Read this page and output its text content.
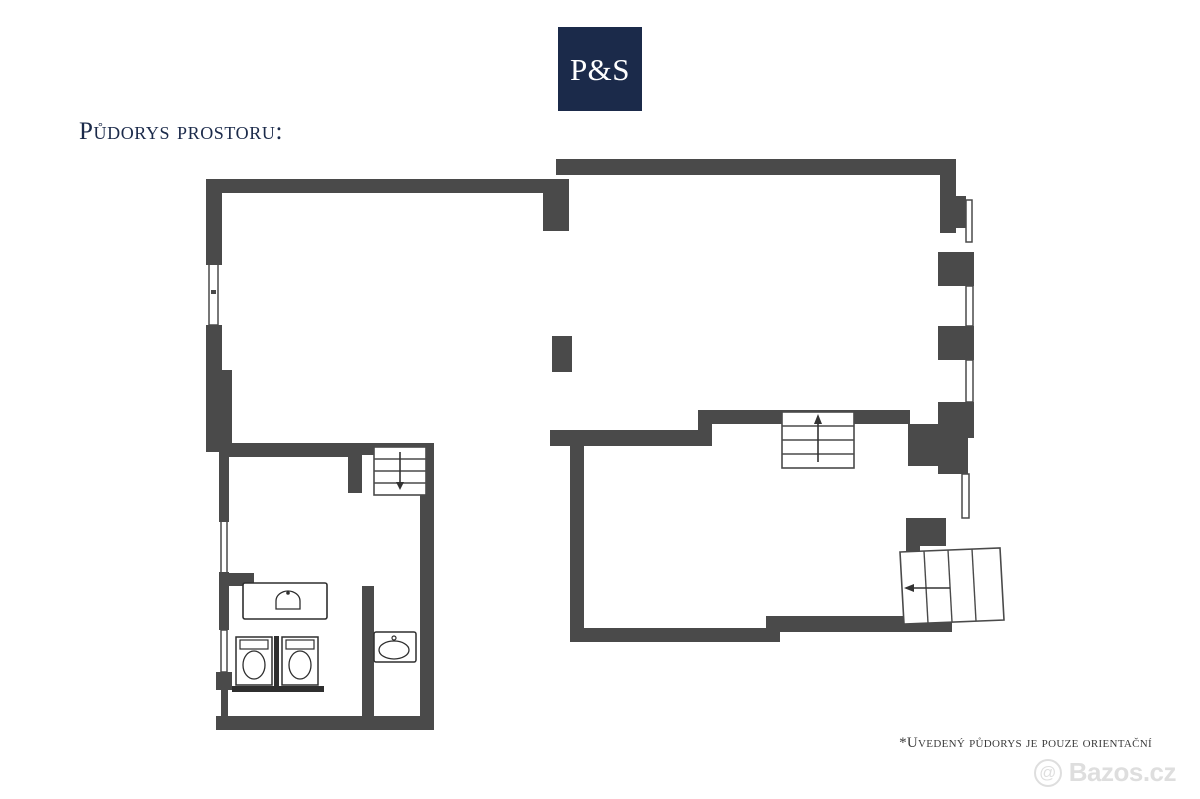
P&S
Půdorys prostoru:
*Uvedený půdorys je pouze orientační
@ Bazos.cz
